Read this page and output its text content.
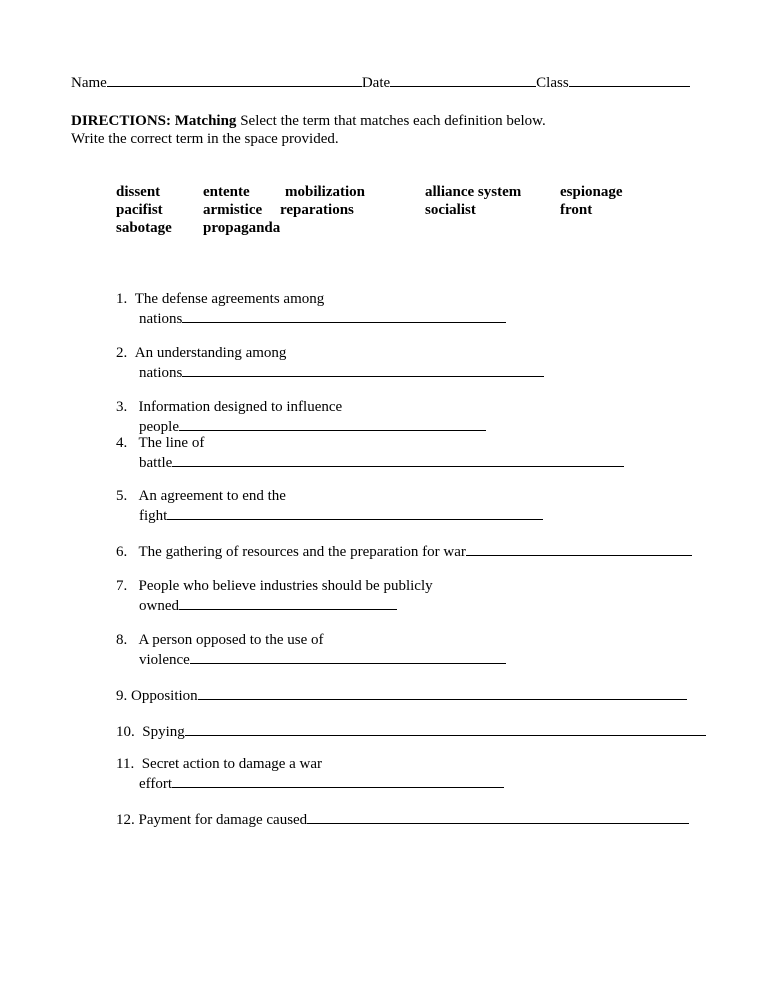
Name	Date	Class
DIRECTIONS: Matching Select the term that matches each definition below.
Write the correct term in the space provided.
dissent
pacifist
sabotage
entente
armistice
propaganda
mobilization
reparations
alliance system
socialist
espionage
front
1. The defense agreements among
nations
2. An understanding among
nations
3. Information designed to influence
people
4. The line of
battle
5. An agreement to end the
fight
6. The gathering of resources and the preparation for war
7. People who believe industries should be publicly
owned
8. A person opposed to the use of
violence
9. Opposition
10. Spying
11. Secret action to damage a war
effort
12. Payment for damage caused
